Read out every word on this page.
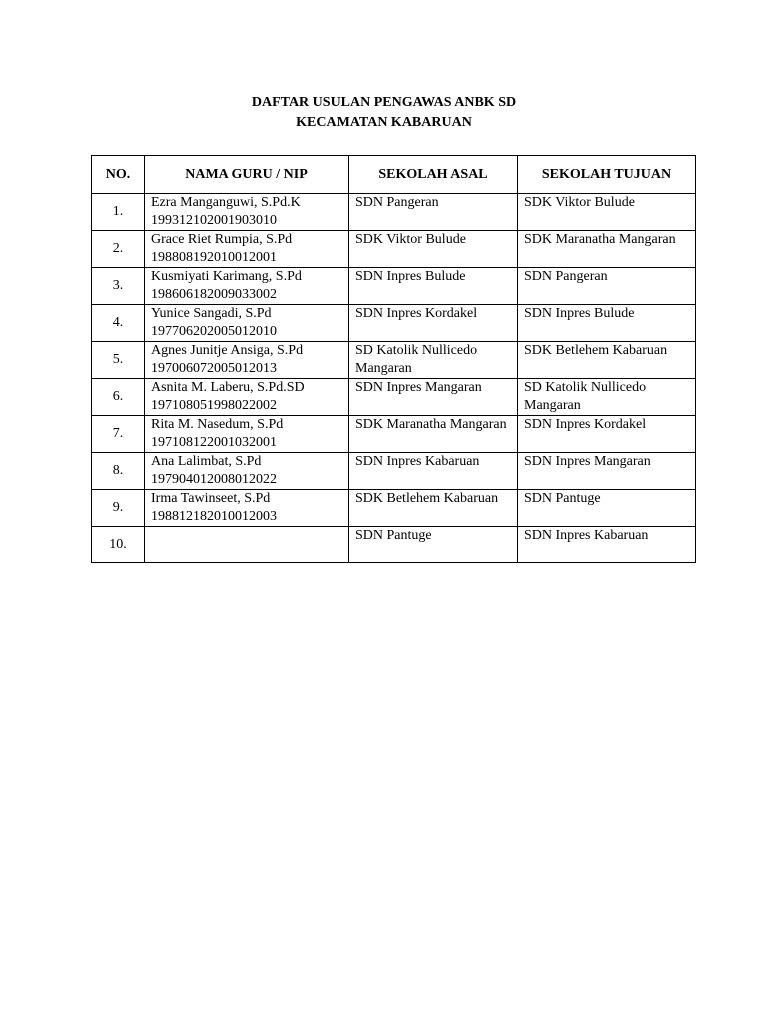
DAFTAR USULAN PENGAWAS ANBK SD
KECAMATAN KABARUAN
NO.	NAMA GURU / NIP	SEKOLAH ASAL	SEKOLAH TUJUAN
1.	Ezra Manganguwi, S.Pd.K
199312102001903010	SDN Pangeran	SDK Viktor Bulude

2.	Grace Riet Rumpia, S.Pd
198808192010012001	SDK Viktor Bulude	SDK Maranatha Mangaran

3.	Kusmiyati Karimang, S.Pd
198606182009033002	SDN Inpres Bulude	SDN Pangeran

4.	Yunice Sangadi, S.Pd
197706202005012010	SDN Inpres Kordakel	SDN Inpres Bulude

5.	Agnes Junitje Ansiga, S.Pd
197006072005012013	SD Katolik Nullicedo Mangaran	SDK Betlehem Kabaruan

6.	Asnita M. Laberu, S.Pd.SD
197108051998022002	SDN Inpres Mangaran	SD Katolik Nullicedo Mangaran

7.	Rita M. Nasedum, S.Pd
197108122001032001	SDK Maranatha Mangaran	SDN Inpres Kordakel

8.	Ana Lalimbat, S.Pd
197904012008012022	SDN Inpres Kabaruan	SDN Inpres Mangaran

9.	Irma Tawinseet, S.Pd
198812182010012003	SDK Betlehem Kabaruan	SDN Pantuge

10.		SDN Pantuge	SDN Inpres Kabaruan
